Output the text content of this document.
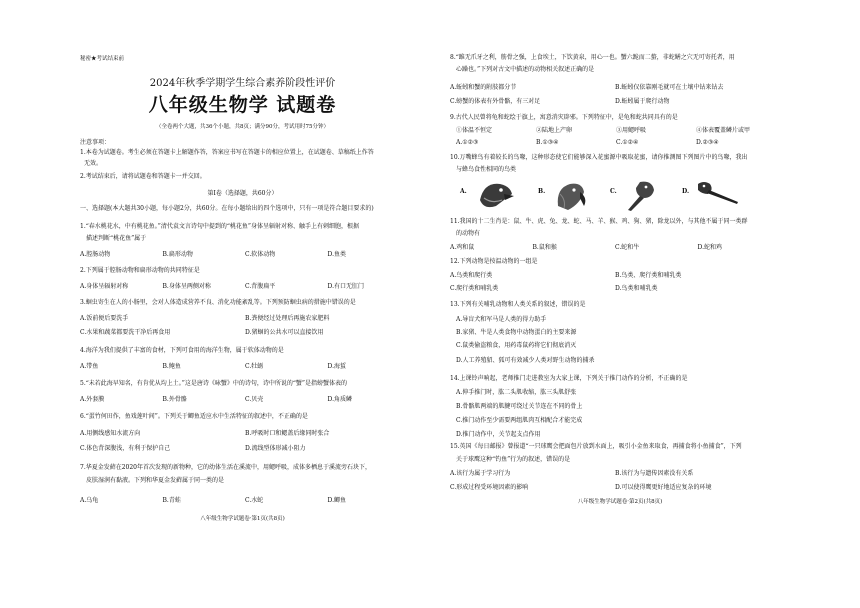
秘密★考试结束前
2024年秋季学期学生综合素养阶段性评价
八年级生物学 试题卷
（全卷两个大题，共36个小题，共8页；满分90分，考试用时75分钟）
注意事项：
1.本卷为试题卷。考生必须在答题卡上解题作答，答案应书写在答题卡的相应位置上，在试题卷、草稿纸上作答
无效。
2.考试结束后，请将试题卷和答题卡一并交回。
第Ⅰ卷（选择题，共60分）
一、选择题(本大题共30小题，每小题2分，共60分。在每小题给出的四个选项中，只有一项是符合题目要求的)
1.“春水桃花水，中有桃花鱼。”清代袁文言诗句中提到的“桃花鱼”身体呈辐射对称、触手上有刺细胞，根据
描述判断“桃花鱼”属于
A.腔肠动物	B.扁形动物	C.软体动物	D.鱼类
2.下列属于腔肠动物和扁形动物的共同特征是
A.身体呈辐射对称	B.身体呈两侧对称	C.背腹扁平	D.有口无肛门
3.蛔虫寄生在人的小肠里，会对人体造成营养不良、消化功能紊乱等。下列预防蛔虫病的措施中错误的是
A.饭前便后要洗手	B.粪便经过处理后再施农家肥料
C.水果和蔬菜都要洗干净后再食用	D.猪蛔的公共水可以直接饮用
4.海洋为我们提供了丰富的食材，下列可食用的海洋生物，属于软体动物的是
A.带鱼	B.鲍鱼	C.牡蛎	D.海蜇
5.“未若此海早知名，有肯优从均上土。”这是唐诗《咏蟹》中的诗句，诗中所说的“蟹”是指螃蟹体表的
A.外套膜	B.外骨骼	C.贝壳	D.角质鳞
6.“蛋竹何田作，鱼戏莲叶间”。下列关于鲫鱼适应水中生活特征的叙述中，不正确的是
A.用侧线感知水流方向	B.呼吸时口和鳃盖后缘同时张合
C.体色背深腹浅，有利于保护自己	D.流线型体形减小阻力
7.华夏金发藓在2020年首次发现的新物种，它的幼体生活在溪流中，用鳃呼吸，成体多栖息于溪流旁石块下，
皮肤湿润有黏液。下列和华夏金发藓属于同一类的是
A.乌龟	B.青蛙	C.水蛇	D.鲫鱼
八年级生物学试题卷·第1页(共8页)
8.“雎无爪牙之利，筋骨之强，上食埃土，下饮黄泉，用心一也。蟹六跪而二螯，非蛇鳝之穴无可寄托者，用
心躁也。”下列对古文中描述的动物相关叙述正确的是
A.蚯蚓和蟹的附肢都分节	B.蚯蚓仅依靠刚毛就可在土壤中钻来钻去
C.螃蟹的体表有外骨骼，有三对足	D.蚯蚓属于爬行动物
9.古代人民曾将龟和蛇绘于旗上，寓意消灾辟邪。下列特征中，是龟和蛇共同具有的是
①体温不恒定	②陆地上产卵	③用鳃呼吸	④体表覆盖鳞片或甲
A.①②③	B.①③④	C.①②④	D.②③④
10.万嘴蜂鸟有着较长的鸟喙，这种形态使它们能够深入花蜜源中吸取花蜜，请你推测图下列图片中的鸟喙，我出
与蜂鸟食性相同的鸟类
A.	B.	C.	D.
11.我国的十二生肖是：鼠、牛、虎、兔、龙、蛇、马、羊、猴、鸡、狗、猪，除龙以外，与其他不属于同一类群
的动物有
A.鸡和鼠	B.鼠和猴	C.蛇和牛	D.蛇和鸡
12.下列动物是按温动物的一组是
A.鸟类和爬行类	B.鸟类、爬行类和哺乳类
C.爬行类和哺乳类	D.鸟类和哺乳类
13.下列有关哺乳动物和人类关系的叙述，错误的是
A.导盲犬和军马是人类的得力助手
B.家猪、牛是人类食物中动物蛋白的主要来源
C.鼠类偷盗粮食，用药毒鼠药将它们彻底消灭
D.人工养殖貂、狐可有效减少人类对野生动物的捕杀
14.上课铃声响起，老师推门走进教室为大家上课，下列关于推门动作的分析，不正确的是
A.伸手推门时，肱二头肌收缩，肱三头肌舒张
B.骨骼肌两端的肌腱可绕过关节连在不同的骨上
C.推门动作至少需要两组肌肉互相配合才能完成
D.推门动作中，关节起支点作用
15.英国《每日邮报》曾报道“一只球鹰会把面包片放到水面上，吸引小金鱼来取食，再捕食将小鱼捕食”，下列
关于球鹰这种“钓鱼”行为的叙述，错误的是
A.该行为属于学习行为	B.该行为与遗传因素没有关系
C.形成过程受环境因素的影响	D.可以使得鹰更好地适应复杂的环境
八年级生物学试题卷·第2页(共8页)
